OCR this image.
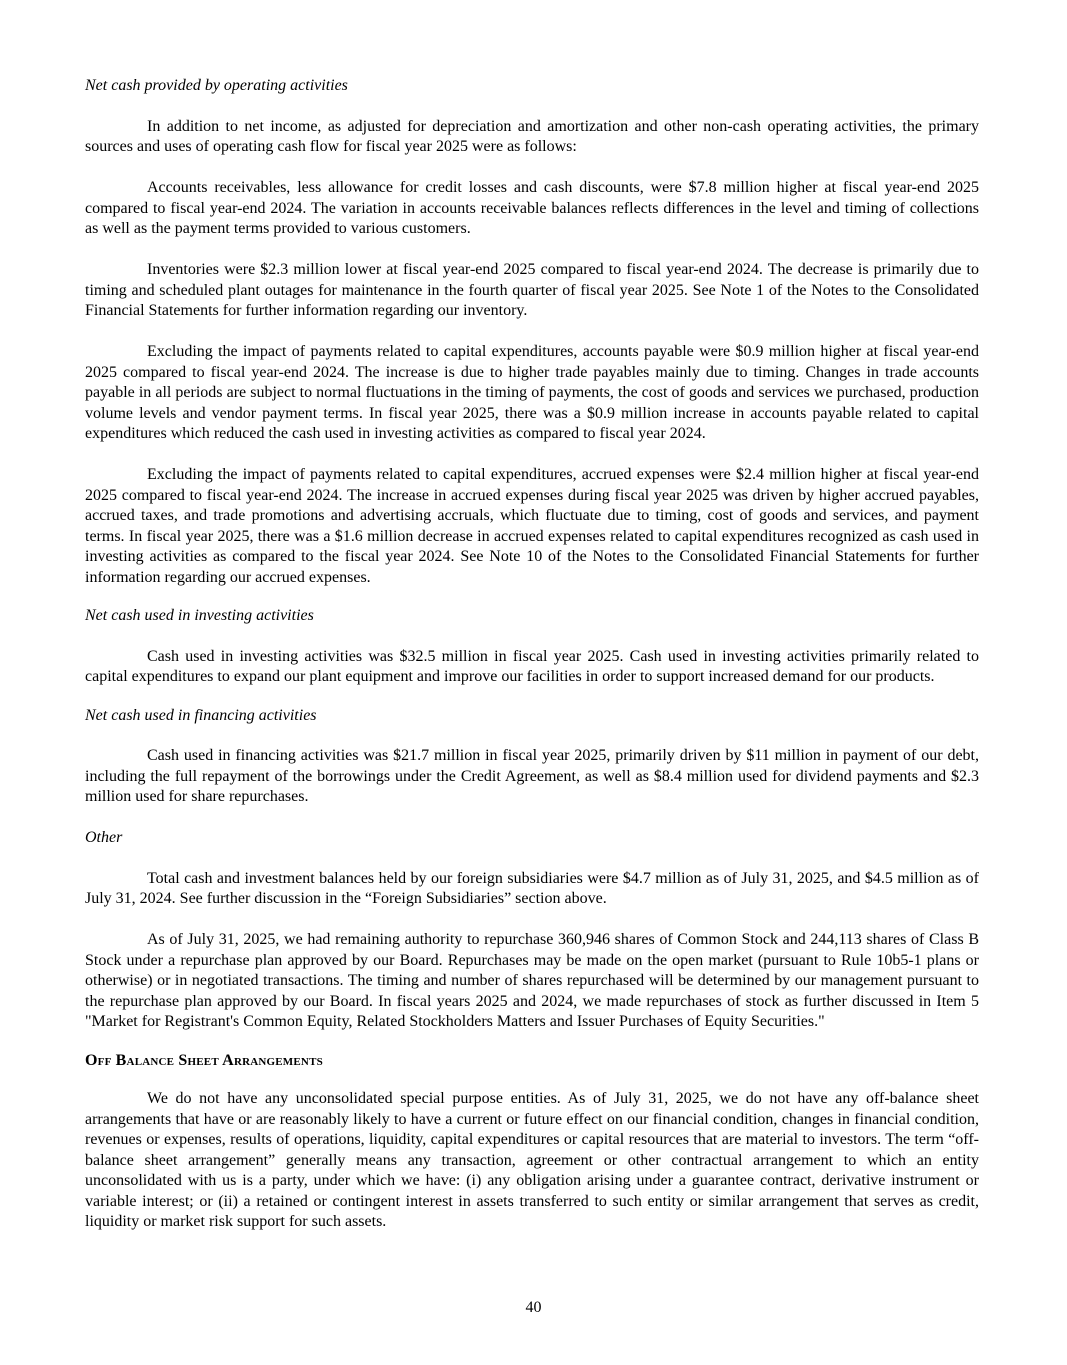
Net cash provided by operating activities

In addition to net income, as adjusted for depreciation and amortization and other non-cash operating activities, the primary sources and uses of operating cash flow for fiscal year 2025 were as follows:

Accounts receivables, less allowance for credit losses and cash discounts, were $7.8 million higher at fiscal year-end 2025 compared to fiscal year-end 2024. The variation in accounts receivable balances reflects differences in the level and timing of collections as well as the payment terms provided to various customers.

Inventories were $2.3 million lower at fiscal year-end 2025 compared to fiscal year-end 2024. The decrease is primarily due to timing and scheduled plant outages for maintenance in the fourth quarter of fiscal year 2025. See Note 1 of the Notes to the Consolidated Financial Statements for further information regarding our inventory.

Excluding the impact of payments related to capital expenditures, accounts payable were $0.9 million higher at fiscal year-end 2025 compared to fiscal year-end 2024. The increase is due to higher trade payables mainly due to timing. Changes in trade accounts payable in all periods are subject to normal fluctuations in the timing of payments, the cost of goods and services we purchased, production volume levels and vendor payment terms. In fiscal year 2025, there was a $0.9 million increase in accounts payable related to capital expenditures which reduced the cash used in investing activities as compared to fiscal year 2024.

Excluding the impact of payments related to capital expenditures, accrued expenses were $2.4 million higher at fiscal year-end 2025 compared to fiscal year-end 2024. The increase in accrued expenses during fiscal year 2025 was driven by higher accrued payables, accrued taxes, and trade promotions and advertising accruals, which fluctuate due to timing, cost of goods and services, and payment terms. In fiscal year 2025, there was a $1.6 million decrease in accrued expenses related to capital expenditures recognized as cash used in investing activities as compared to the fiscal year 2024. See Note 10 of the Notes to the Consolidated Financial Statements for further information regarding our accrued expenses.

Net cash used in investing activities

Cash used in investing activities was $32.5 million in fiscal year 2025. Cash used in investing activities primarily related to capital expenditures to expand our plant equipment and improve our facilities in order to support increased demand for our products.

Net cash used in financing activities

Cash used in financing activities was $21.7 million in fiscal year 2025, primarily driven by $11 million in payment of our debt, including the full repayment of the borrowings under the Credit Agreement, as well as $8.4 million used for dividend payments and $2.3 million used for share repurchases.

Other

Total cash and investment balances held by our foreign subsidiaries were $4.7 million as of July 31, 2025, and $4.5 million as of July 31, 2024. See further discussion in the “Foreign Subsidiaries” section above.

As of July 31, 2025, we had remaining authority to repurchase 360,946 shares of Common Stock and 244,113 shares of Class B Stock under a repurchase plan approved by our Board. Repurchases may be made on the open market (pursuant to Rule 10b5-1 plans or otherwise) or in negotiated transactions. The timing and number of shares repurchased will be determined by our management pursuant to the repurchase plan approved by our Board. In fiscal years 2025 and 2024, we made repurchases of stock as further discussed in Item 5 "Market for Registrant's Common Equity, Related Stockholders Matters and Issuer Purchases of Equity Securities."

Off Balance Sheet Arrangements

We do not have any unconsolidated special purpose entities. As of July 31, 2025, we do not have any off-balance sheet arrangements that have or are reasonably likely to have a current or future effect on our financial condition, changes in financial condition, revenues or expenses, results of operations, liquidity, capital expenditures or capital resources that are material to investors. The term “off-balance sheet arrangement” generally means any transaction, agreement or other contractual arrangement to which an entity unconsolidated with us is a party, under which we have: (i) any obligation arising under a guarantee contract, derivative instrument or variable interest; or (ii) a retained or contingent interest in assets transferred to such entity or similar arrangement that serves as credit, liquidity or market risk support for such assets.

40
